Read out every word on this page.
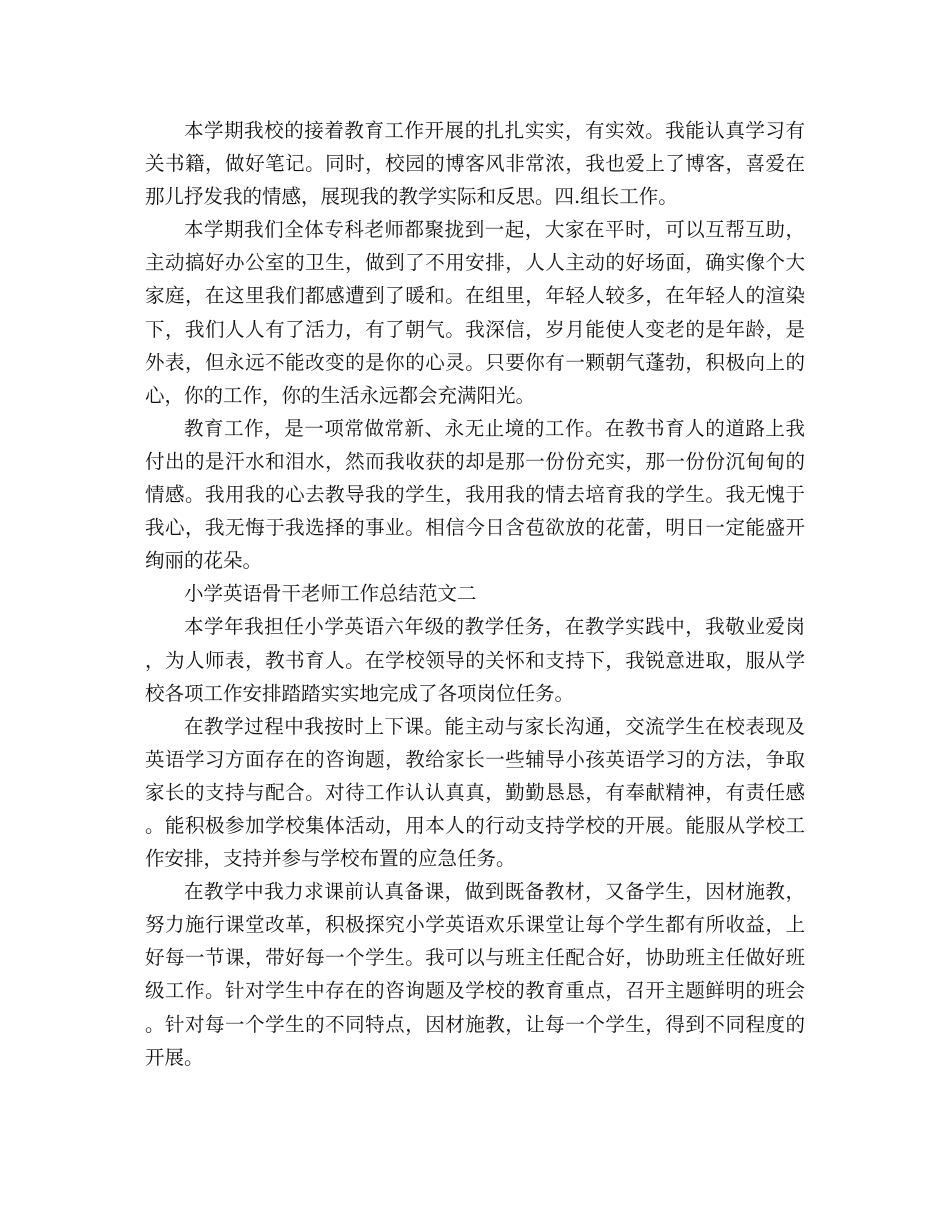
本学期我校的接着教育工作开展的扎扎实实，有实效。我能认真学习有关书籍，做好笔记。同时，校园的博客风非常浓，我也爱上了博客，喜爱在那儿抒发我的情感，展现我的教学实际和反思。四.组长工作。

本学期我们全体专科老师都聚拢到一起，大家在平时，可以互帮互助，主动搞好办公室的卫生，做到了不用安排，人人主动的好场面，确实像个大家庭，在这里我们都感遭到了暖和。在组里，年轻人较多，在年轻人的渲染下，我们人人有了活力，有了朝气。我深信，岁月能使人变老的是年龄，是外表，但永远不能改变的是你的心灵。只要你有一颗朝气蓬勃，积极向上的心，你的工作，你的生活永远都会充满阳光。

教育工作，是一项常做常新、永无止境的工作。在教书育人的道路上我付出的是汗水和泪水，然而我收获的却是那一份份充实，那一份份沉甸甸的情感。我用我的心去教导我的学生，我用我的情去培育我的学生。我无愧于我心，我无悔于我选择的事业。相信今日含苞欲放的花蕾，明日一定能盛开绚丽的花朵。

小学英语骨干老师工作总结范文二

本学年我担任小学英语六年级的教学任务，在教学实践中，我敬业爱岗，为人师表，教书育人。在学校领导的关怀和支持下，我锐意进取，服从学校各项工作安排踏踏实实地完成了各项岗位任务。

在教学过程中我按时上下课。能主动与家长沟通，交流学生在校表现及英语学习方面存在的咨询题，教给家长一些辅导小孩英语学习的方法，争取家长的支持与配合。对待工作认认真真，勤勤恳恳，有奉献精神，有责任感。能积极参加学校集体活动，用本人的行动支持学校的开展。能服从学校工作安排，支持并参与学校布置的应急任务。

在教学中我力求课前认真备课，做到既备教材，又备学生，因材施教，努力施行课堂改革，积极探究小学英语欢乐课堂让每个学生都有所收益，上好每一节课，带好每一个学生。我可以与班主任配合好，协助班主任做好班级工作。针对学生中存在的咨询题及学校的教育重点，召开主题鲜明的班会。针对每一个学生的不同特点，因材施教，让每一个学生，得到不同程度的开展。
